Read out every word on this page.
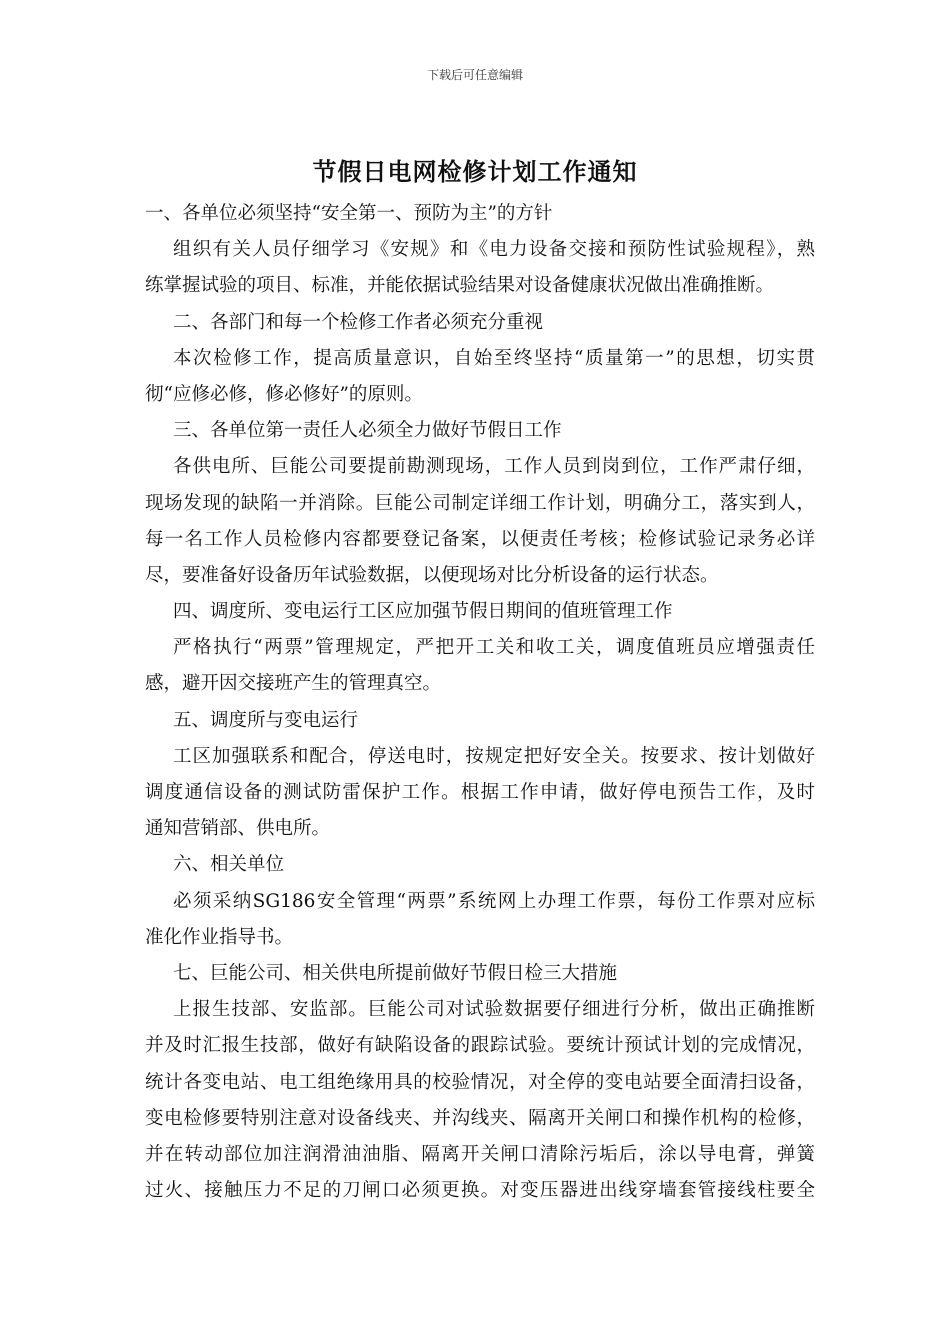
下载后可任意编辑
节假日电网检修计划工作通知
一、各单位必须坚持“安全第一、预防为主”的方针
组织有关人员仔细学习《安规》和《电力设备交接和预防性试验规程》，熟
练掌握试验的项目、标准，并能依据试验结果对设备健康状况做出准确推断。
二、各部门和每一个检修工作者必须充分重视
本次检修工作，提高质量意识，自始至终坚持“质量第一”的思想，切实贯
彻“应修必修，修必修好”的原则。
三、各单位第一责任人必须全力做好节假日工作
各供电所、巨能公司要提前勘测现场，工作人员到岗到位，工作严肃仔细，
现场发现的缺陷一并消除。巨能公司制定详细工作计划，明确分工，落实到人，
每一名工作人员检修内容都要登记备案，以便责任考核；检修试验记录务必详
尽，要准备好设备历年试验数据，以便现场对比分析设备的运行状态。
四、调度所、变电运行工区应加强节假日期间的值班管理工作
严格执行“两票”管理规定，严把开工关和收工关，调度值班员应增强责任
感，避开因交接班产生的管理真空。
五、调度所与变电运行
工区加强联系和配合，停送电时，按规定把好安全关。按要求、按计划做好
调度通信设备的测试防雷保护工作。根据工作申请，做好停电预告工作，及时
通知营销部、供电所。
六、相关单位
必须采纳SG186安全管理“两票”系统网上办理工作票，每份工作票对应标
准化作业指导书。
七、巨能公司、相关供电所提前做好节假日检三大措施
上报生技部、安监部。巨能公司对试验数据要仔细进行分析，做出正确推断
并及时汇报生技部，做好有缺陷设备的跟踪试验。要统计预试计划的完成情况，
统计各变电站、电工组绝缘用具的校验情况，对全停的变电站要全面清扫设备，
变电检修要特别注意对设备线夹、并沟线夹、隔离开关闸口和操作机构的检修，
并在转动部位加注润滑油油脂、隔离开关闸口清除污垢后，涂以导电膏，弹簧
过火、接触压力不足的刀闸口必须更换。对变压器进出线穿墙套管接线柱要全
